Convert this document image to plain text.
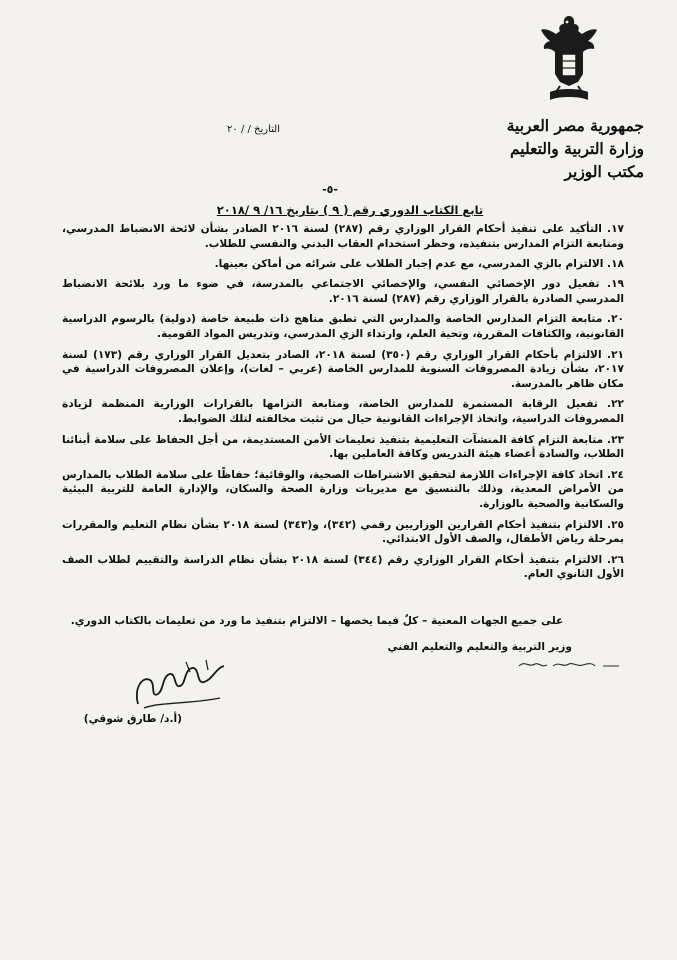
جمهورية مصر العربية
وزارة التربية والتعليم
مكتب الوزير
التاريخ / / ٢٠
-٥-
تابع الكتاب الدوري رقم ( ٩ ) بتاريخ ١٦/ ٩ /٢٠١٨
١٧. التأكيد على تنفيذ أحكام القرار الوزاري رقم (٢٨٧) لسنة ٢٠١٦ الصادر بشأن لائحة الانضباط المدرسي، ومتابعة التزام المدارس بتنفيذه، وحظر استخدام العقاب البدني والنفسي للطلاب.
١٨. الالتزام بالزي المدرسي، مع عدم إجبار الطلاب على شرائه من أماكن بعينها.
١٩. تفعيل دور الإخصائي النفسي، والإخصائي الاجتماعي بالمدرسة، في ضوء ما ورد بلائحة الانضباط المدرسي الصادرة بالقرار الوزاري رقم (٢٨٧) لسنة ٢٠١٦.
٢٠. متابعة التزام المدارس الخاصة والمدارس التي تطبق مناهج ذات طبيعة خاصة (دولية) بالرسوم الدراسية القانونية، والكثافات المقررة، وتحية العلم، وارتداء الزي المدرسي، وتدريس المواد القومية.
٢١. الالتزام بأحكام القرار الوزاري رقم (٣٥٠) لسنة ٢٠١٨، الصادر بتعديل القرار الوزاري رقم (١٧٣) لسنة ٢٠١٧، بشأن زيادة المصروفات السنوية للمدارس الخاصة (عربي – لغات)، وإعلان المصروفات الدراسية في مكان ظاهر بالمدرسة.
٢٢. تفعيل الرقابة المستمرة للمدارس الخاصة، ومتابعة التزامها بالقرارات الوزارية المنظمة لزيادة المصروفات الدراسية، واتخاذ الإجراءات القانونية حيال من تثبت مخالفته لتلك الضوابط.
٢٣. متابعة التزام كافة المنشآت التعليمية بتنفيذ تعليمات الأمن المستديمة، من أجل الحفاظ على سلامة أبنائنا الطلاب، والسادة أعضاء هيئة التدريس وكافة العاملين بها.
٢٤. اتخاذ كافة الإجراءات اللازمة لتحقيق الاشتراطات الصحية، والوقائية؛ حفاظًا على سلامة الطلاب بالمدارس من الأمراض المعدية، وذلك بالتنسيق مع مديريات وزارة الصحة والسكان، والإدارة العامة للتربية البيئية والسكانية والصحية بالوزارة.
٢٥. الالتزام بتنفيذ أحكام القرارين الوزاريين رقمي (٣٤٢)، و(٣٤٣) لسنة ٢٠١٨ بشأن نظام التعليم والمقررات بمرحلة رياض الأطفال، والصف الأول الابتدائي.
٢٦. الالتزام بتنفيذ أحكام القرار الوزاري رقم (٣٤٤) لسنة ٢٠١٨ بشأن نظام الدراسة والتقييم لطلاب الصف الأول الثانوي العام.
على جميع الجهات المعنية – كلٌ فيما يخصها – الالتزام بتنفيذ ما ورد من تعليمات بالكتاب الدوري.
وزير التربية والتعليم والتعليم الفني
(أ.د/ طارق شوقي)
